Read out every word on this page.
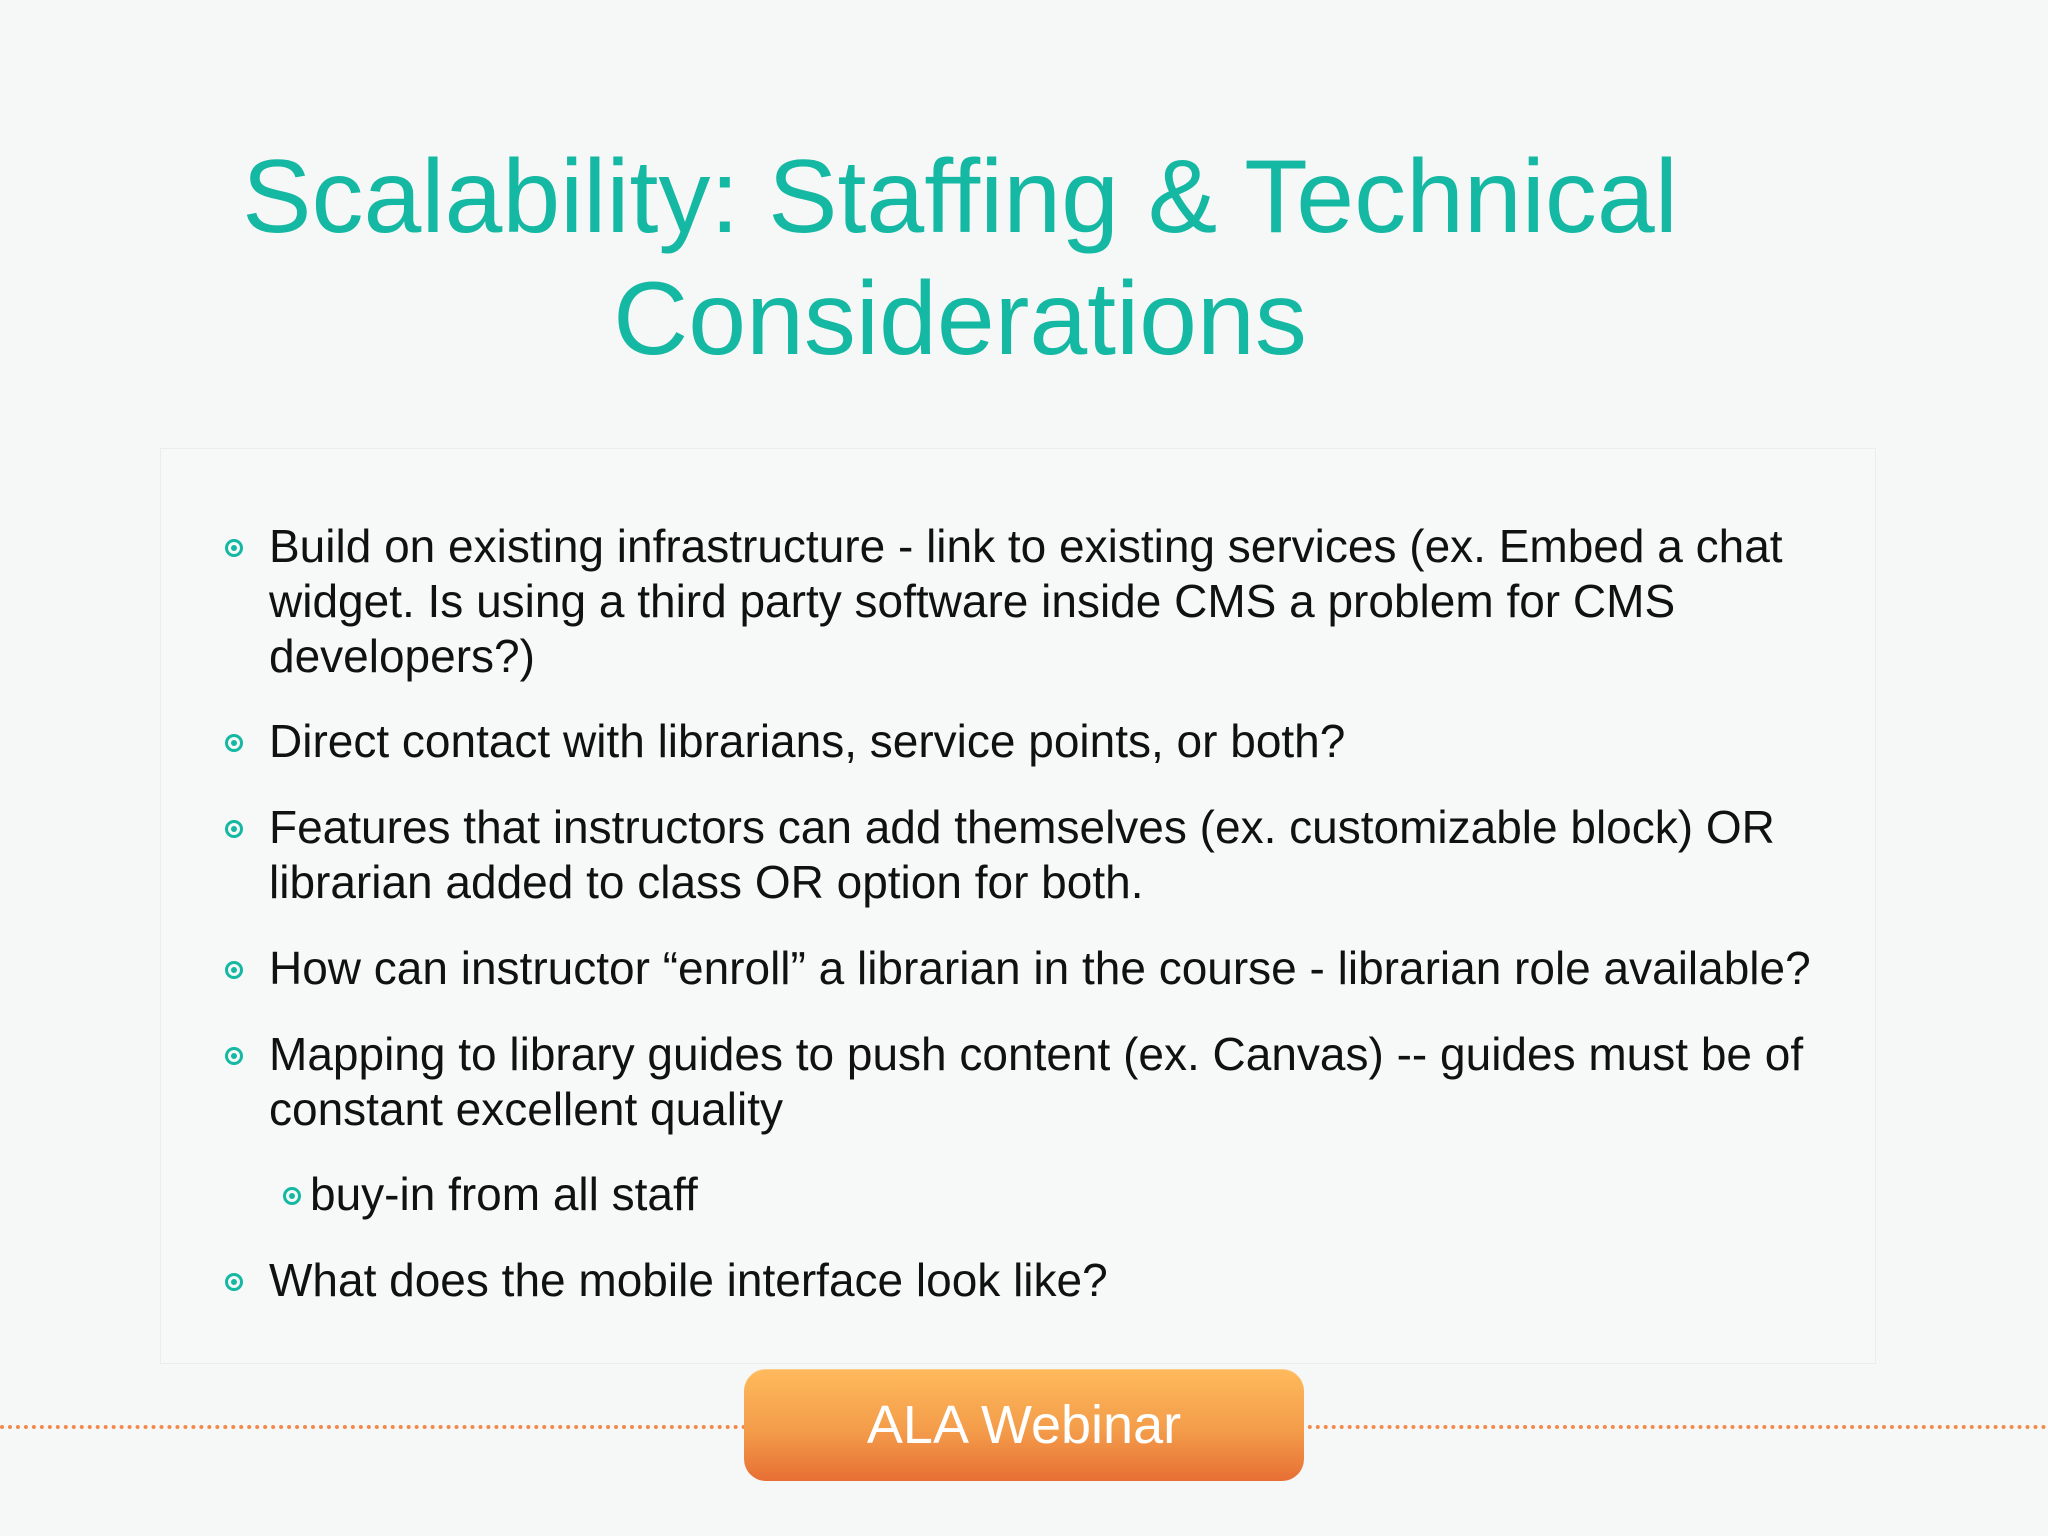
Scalability: Staffing & Technical
Considerations
Build on existing infrastructure - link to existing services (ex. Embed a chat widget. Is using a third party software inside CMS a problem for CMS developers?)
Direct contact with librarians, service points, or both?
Features that instructors can add themselves (ex. customizable block) OR librarian added to class OR option for both.
How can instructor “enroll” a librarian in the course - librarian role available?
Mapping to library guides to push content (ex. Canvas) -- guides must be of constant excellent quality
buy-in from all staff
What does the mobile interface look like?
ALA Webinar
